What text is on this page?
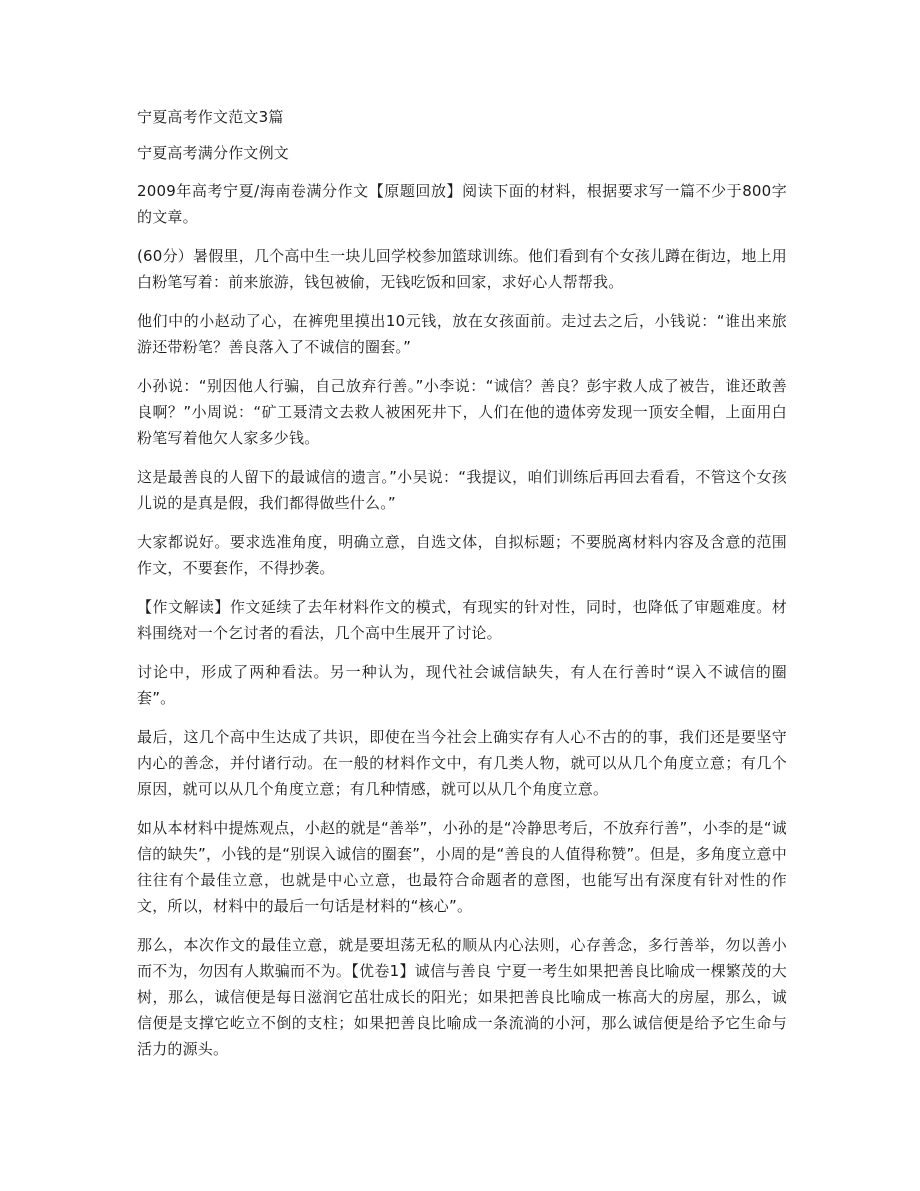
宁夏高考作文范文3篇

宁夏高考满分作文例文

2009年高考宁夏/海南卷满分作文【原题回放】阅读下面的材料，根据要求写一篇不少于800字的文章。

(60分）暑假里，几个高中生一块儿回学校参加篮球训练。他们看到有个女孩儿蹲在街边，地上用白粉笔写着：前来旅游，钱包被偷，无钱吃饭和回家，求好心人帮帮我。

他们中的小赵动了心，在裤兜里摸出10元钱，放在女孩面前。走过去之后，小钱说：“谁出来旅游还带粉笔？善良落入了不诚信的圈套。”

小孙说：“别因他人行骗，自己放弃行善。”小李说：“诚信？善良？彭宇救人成了被告，谁还敢善良啊？”小周说：“矿工聂清文去救人被困死井下，人们在他的遗体旁发现一顶安全帽，上面用白粉笔写着他欠人家多少钱。

这是最善良的人留下的最诚信的遗言。”小吴说：“我提议，咱们训练后再回去看看，不管这个女孩儿说的是真是假，我们都得做些什么。”

大家都说好。要求选准角度，明确立意，自选文体，自拟标题；不要脱离材料内容及含意的范围作文，不要套作，不得抄袭。

【作文解读】作文延续了去年材料作文的模式，有现实的针对性，同时，也降低了审题难度。材料围绕对一个乞讨者的看法，几个高中生展开了讨论。

讨论中，形成了两种看法。另一种认为，现代社会诚信缺失，有人在行善时“误入不诚信的圈套”。

最后，这几个高中生达成了共识，即使在当今社会上确实存有人心不古的的事，我们还是要坚守内心的善念，并付诸行动。在一般的材料作文中，有几类人物，就可以从几个角度立意；有几个原因，就可以从几个角度立意；有几种情感，就可以从几个角度立意。

如从本材料中提炼观点，小赵的就是“善举”，小孙的是“冷静思考后，不放弃行善”，小李的是“诚信的缺失”，小钱的是“别误入诚信的圈套”，小周的是“善良的人值得称赞”。但是，多角度立意中往往有个最佳立意，也就是中心立意，也最符合命题者的意图，也能写出有深度有针对性的作文，所以，材料中的最后一句话是材料的“核心”。

那么，本次作文的最佳立意，就是要坦荡无私的顺从内心法则，心存善念，多行善举，勿以善小而不为，勿因有人欺骗而不为。【优卷1】诚信与善良 宁夏一考生如果把善良比喻成一棵繁茂的大树，那么，诚信便是每日滋润它茁壮成长的阳光；如果把善良比喻成一栋高大的房屋，那么，诚信便是支撑它屹立不倒的支柱；如果把善良比喻成一条流淌的小河，那么诚信便是给予它生命与活力的源头。
